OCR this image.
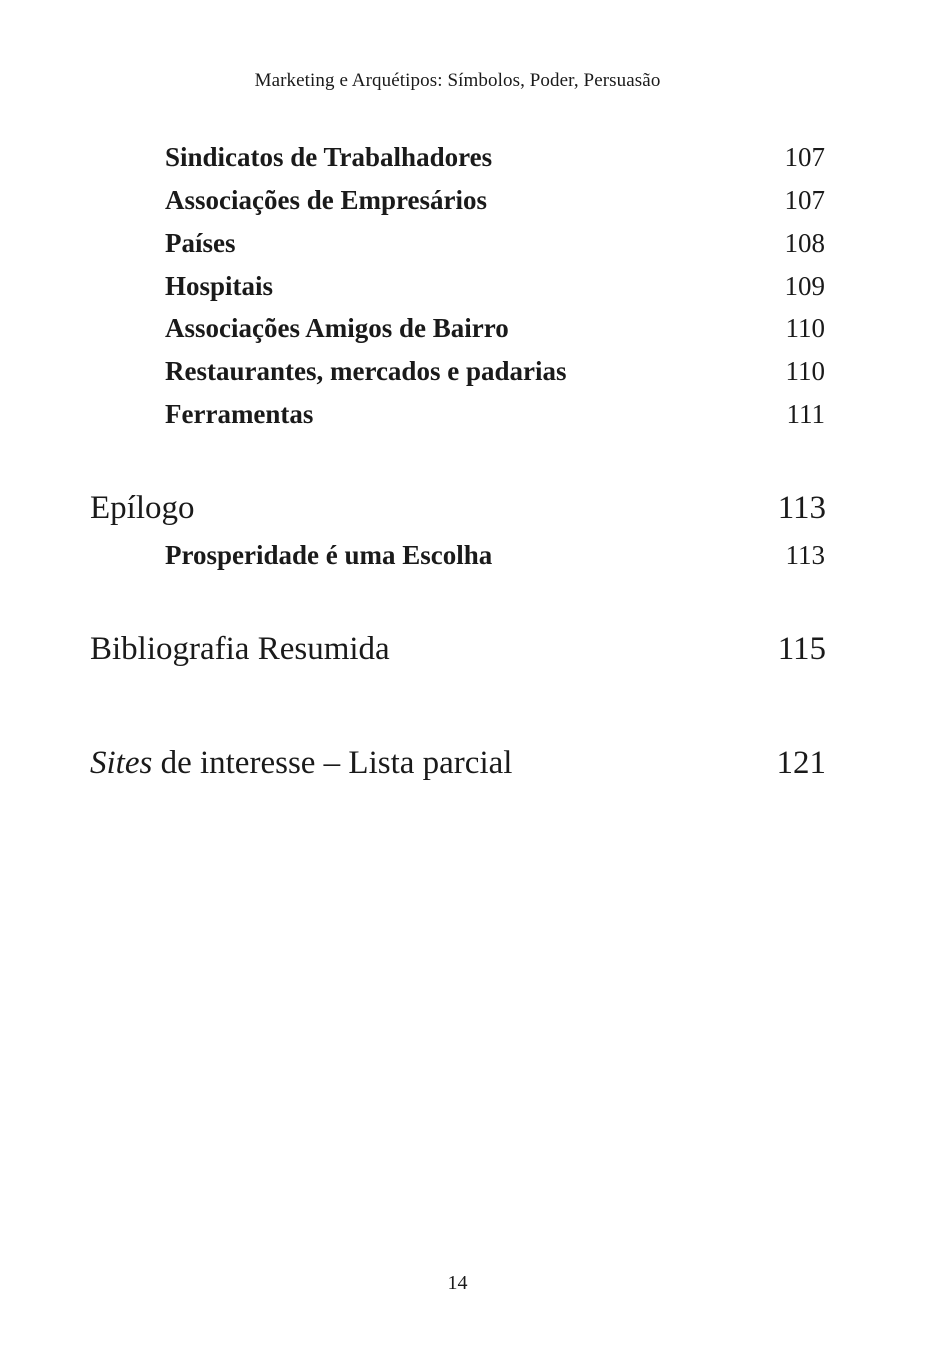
Marketing e Arquétipos: Símbolos, Poder, Persuasão
Sindicatos de Trabalhadores	107
Associações de Empresários	107
Países	108
Hospitais	109
Associações Amigos de Bairro	110
Restaurantes, mercados e padarias	110
Ferramentas	111
Epílogo	113
Prosperidade é uma Escolha	113
Bibliografia Resumida	115
Sites de interesse – Lista parcial	121
14
